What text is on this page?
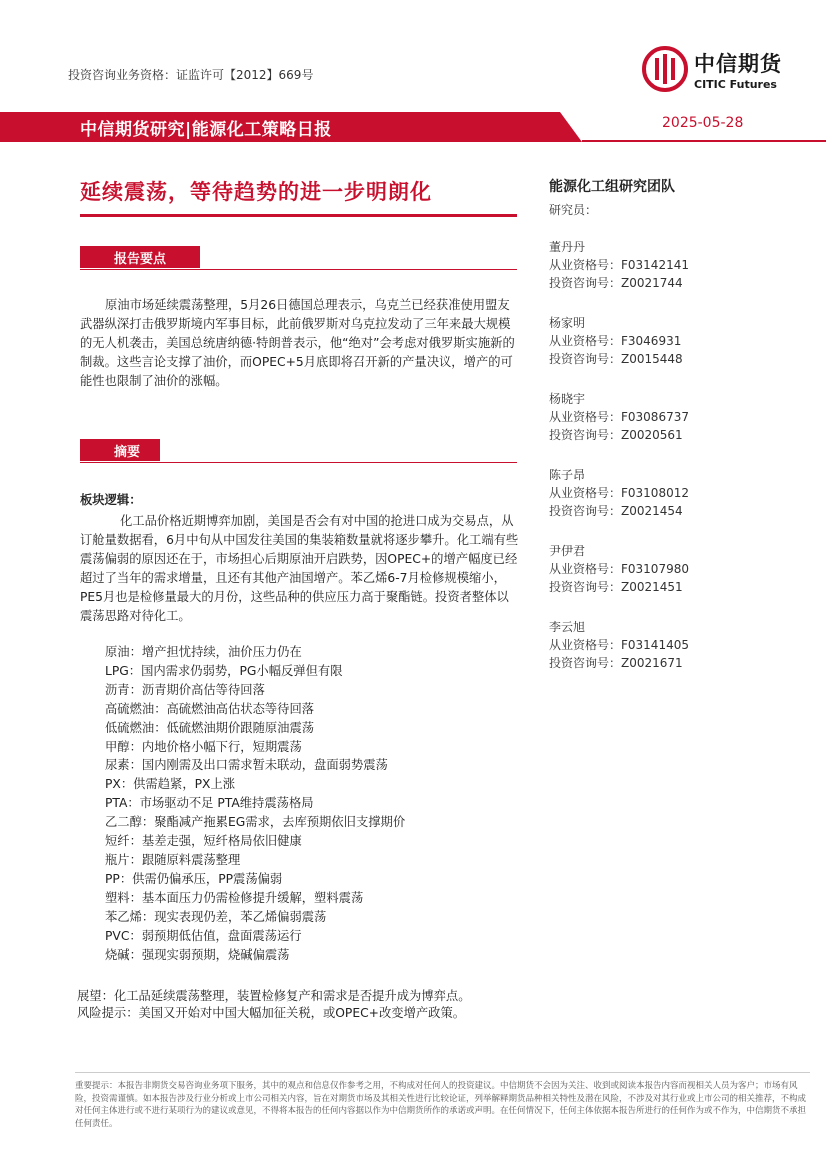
投资咨询业务资格：证监许可【2012】669号	中信期货
CITIC Futures
中信期货研究|能源化工策略日报	2025-05-28
延续震荡，等待趋势的进一步明朗化
报告要点
原油市场延续震荡整理，5月26日德国总理表示，乌克兰已经获准使用盟友武器纵深打击俄罗斯境内军事目标，此前俄罗斯对乌克拉发动了三年来最大规模的无人机袭击，美国总统唐纳德·特朗普表示，他“绝对”会考虑对俄罗斯实施新的制裁。这些言论支撑了油价，而OPEC+5月底即将召开新的产量决议，增产的可能性也限制了油价的涨幅。
摘要
板块逻辑：
化工品价格近期博弈加剧，美国是否会有对中国的抢进口成为交易点，从订舱量数据看，6月中旬从中国发往美国的集装箱数量就将逐步攀升。化工端有些震荡偏弱的原因还在于，市场担心后期原油开启跌势，因OPEC+的增产幅度已经超过了当年的需求增量，且还有其他产油国增产。苯乙烯6-7月检修规模缩小，PE5月也是检修量最大的月份，这些品种的供应压力高于聚酯链。投资者整体以震荡思路对待化工。
原油：增产担忧持续，油价压力仍在
LPG：国内需求仍弱势，PG小幅反弹但有限
沥青：沥青期价高估等待回落
高硫燃油：高硫燃油高估状态等待回落
低硫燃油：低硫燃油期价跟随原油震荡
甲醇：内地价格小幅下行，短期震荡
尿素：国内刚需及出口需求暂未联动，盘面弱势震荡
PX：供需趋紧，PX上涨
PTA：市场驱动不足 PTA维持震荡格局
乙二醇：聚酯减产拖累EG需求，去库预期依旧支撑期价
短纤：基差走强，短纤格局依旧健康
瓶片：跟随原料震荡整理
PP：供需仍偏承压，PP震荡偏弱
塑料：基本面压力仍需检修提升缓解，塑料震荡
苯乙烯：现实表现仍差，苯乙烯偏弱震荡
PVC：弱预期低估值，盘面震荡运行
烧碱：强现实弱预期，烧碱偏震荡
展望：化工品延续震荡整理，装置检修复产和需求是否提升成为博弈点。
风险提示：美国又开始对中国大幅加征关税，或OPEC+改变增产政策。
能源化工组研究团队
研究员：
董丹丹
从业资格号：F03142141
投资咨询号：Z0021744
杨家明
从业资格号：F3046931
投资咨询号：Z0015448
杨晓宇
从业资格号：F03086737
投资咨询号：Z0020561
陈子昂
从业资格号：F03108012
投资咨询号：Z0021454
尹伊君
从业资格号：F03107980
投资咨询号：Z0021451
李云旭
从业资格号：F03141405
投资咨询号：Z0021671
重要提示：本报告非期货交易咨询业务项下服务，其中的观点和信息仅作参考之用，不构成对任何人的投资建议。中信期货不会因为关注、收到或阅读本报告内容而视相关人员为客户；市场有风险，投资需谨慎。如本报告涉及行业分析或上市公司相关内容，旨在对期货市场及其相关性进行比较论证，列举解释期货品种相关特性及潜在风险，不涉及对其行业或上市公司的相关推荐，不构成对任何主体进行或不进行某项行为的建议或意见，不得将本报告的任何内容据以作为中信期货所作的承诺或声明。在任何情况下，任何主体依据本报告所进行的任何作为或不作为，中信期货不承担任何责任。
